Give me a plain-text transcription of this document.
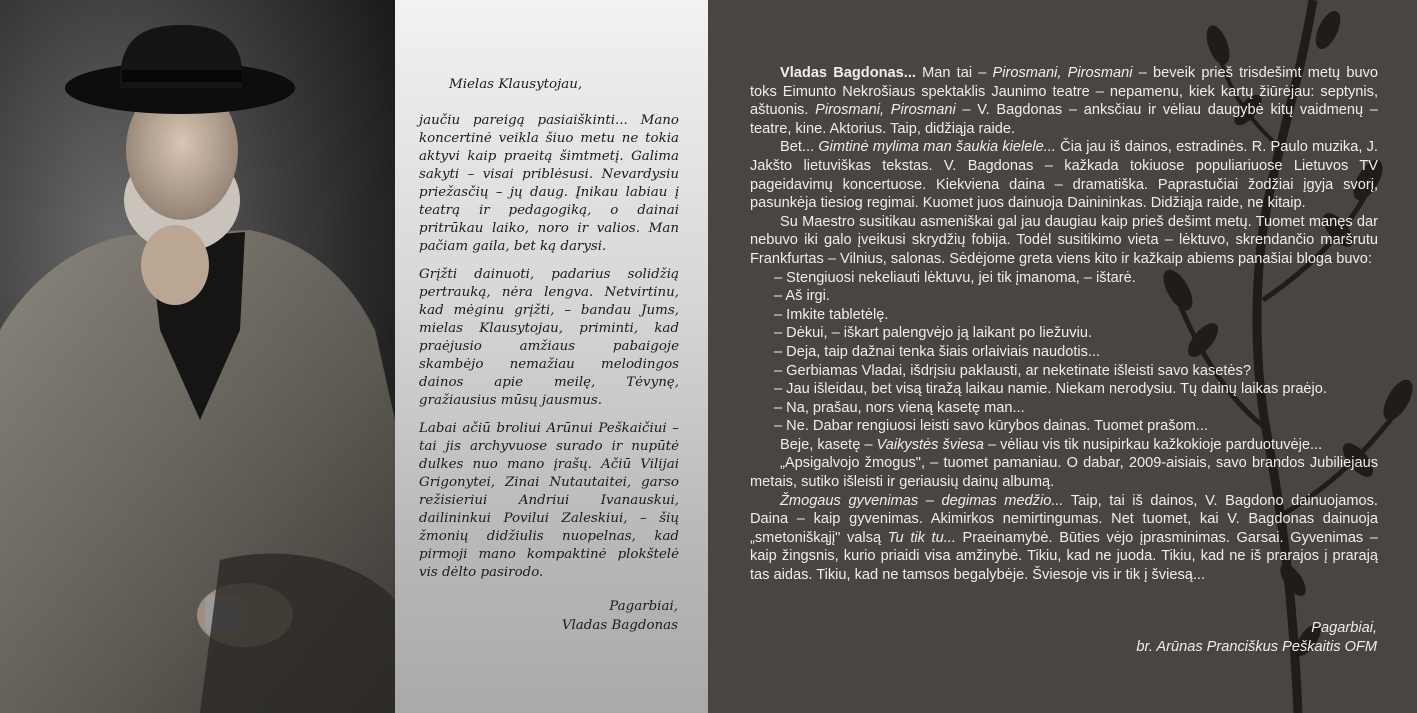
Mielas Klausytojau,

jaučiu pareigą pasiaiškinti... Mano koncertinė veikla šiuo metu ne tokia aktyvi kaip praeitą šimtmetį. Galima sakyti – visai priblėsusi. Nevardysiu priežasčių – jų daug. Įnikau labiau į teatrą ir pedagogiką, o dainai pritrūkau laiko, noro ir valios. Man pačiam gaila, bet ką darysi.

Grįžti dainuoti, padarius solidžią pertrauką, nėra lengva. Netvirtinu, kad mėginu grįžti, – bandau Jums, mielas Klausytojau, priminti, kad praėjusio amžiaus pabaigoje skambėjo nemažiau melodingos dainos apie meilę, Tėvynę, gražiausius mūsų jausmus.

Labai ačiū broliui Arūnui Peškaičiui – tai jis archyvuose surado ir nupūtė dulkes nuo mano įrašų. Ačiū Vilijai Grigonytei, Zinai Nutautaitei, garso režisieriui Andriui Ivanauskui, dailininkui Povilui Zaleskiui, – šių žmonių didžiulis nuopelnas, kad pirmoji mano kompaktinė plokštelė vis dėlto pasirodo.

Pagarbiai,
Vladas Bagdonas

Vladas Bagdonas... Man tai – Pirosmani, Pirosmani – beveik prieš trisdešimt metų buvo toks Eimunto Nekrošiaus spektaklis Jaunimo teatre – nepamenu, kiek kartų žiūrėjau: septynis, aštuonis. Pirosmani, Pirosmani – V. Bagdonas – anksčiau ir vėliau daugybė kitų vaidmenų – teatre, kine. Aktorius. Taip, didžiąja raide.

Bet... Gimtinė mylima man šaukia kielele... Čia jau iš dainos, estradinės. R. Paulo muzika, J. Jakšto lietuviškas tekstas. V. Bagdonas – kažkada tokiuose populiariuose Lietuvos TV pageidavimų koncertuose. Kiekviena daina – dramatiška. Paprastučiai žodžiai įgyja svorį, pasunkėja tiesiog regimai. Kuomet juos dainuoja Dainininkas. Didžiąja raide, ne kitaip.

Su Maestro susitikau asmeniškai gal jau daugiau kaip prieš dešimt metų. Tuomet manęs dar nebuvo iki galo įveikusi skrydžių fobija. Todėl susitikimo vieta – lėktuvo, skrendančio maršrutu Frankfurtas – Vilnius, salonas. Sėdėjome greta viens kito ir kažkaip abiems panašiai bloga buvo:

– Stengiuosi nekeliauti lėktuvu, jei tik įmanoma, – ištarė.

– Aš irgi.

– Imkite tabletėlę.

– Dėkui, – iškart palengvėjo ją laikant po liežuviu.

– Deja, taip dažnai tenka šiais orlaiviais naudotis...

– Gerbiamas Vladai, išdrįsiu paklausti, ar neketinate išleisti savo kasetės?

– Jau išleidau, bet visą tiražą laikau namie. Niekam nerodysiu. Tų dainų laikas praėjo.

– Na, prašau, nors vieną kasetę man...

– Ne. Dabar rengiuosi leisti savo kūrybos dainas. Tuomet prašom...

Beje, kasetę – Vaikystės šviesa – vėliau vis tik nusipirkau kažkokioje parduotuvėje...

„Apsigalvojo žmogus", – tuomet pamaniau. O dabar, 2009-aisiais, savo brandos Jubiliejaus metais, sutiko išleisti ir geriausių dainų albumą.

Žmogaus gyvenimas – degimas medžio... Taip, tai iš dainos, V. Bagdono dainuojamos. Daina – kaip gyvenimas. Akimirkos nemirtingumas. Net tuomet, kai V. Bagdonas dainuoja „smetoniškąjį" valsą Tu tik tu... Praeinamybė. Būties vėjo įprasminimas. Garsai. Gyvenimas – kaip žingsnis, kurio priaidi visa amžinybė. Tikiu, kad ne juoda. Tikiu, kad ne iš prarajos į prarają tas aidas. Tikiu, kad ne tamsos begalybėje. Šviesoje vis ir tik į šviesą...

Pagarbiai,
br. Arūnas Pranciškus Peškaitis OFM
